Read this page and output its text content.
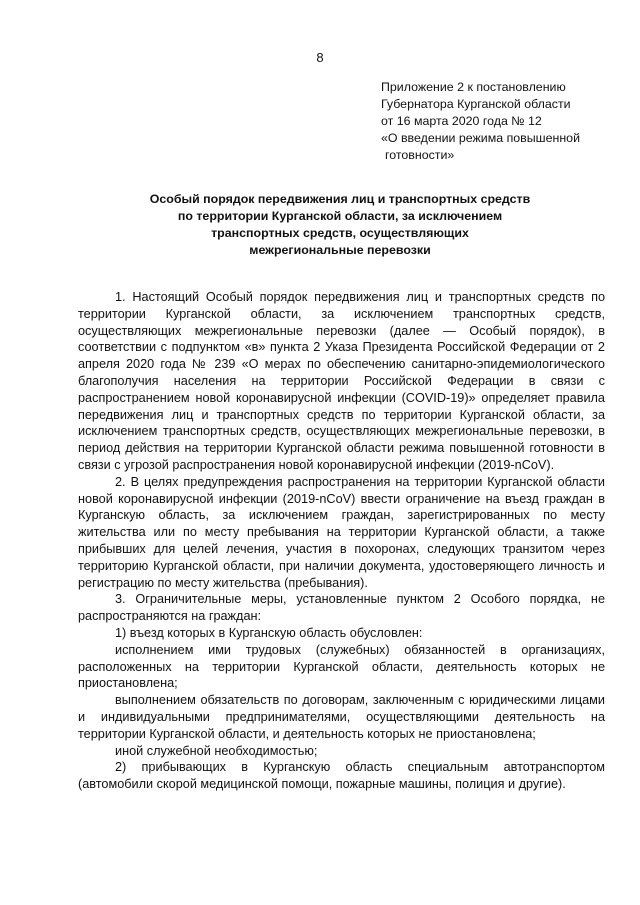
8
Приложение 2 к постановлению
Губернатора Курганской области
от 16 марта 2020 года № 12
«О введении режима повышенной
готовности»
Особый порядок передвижения лиц и транспортных средств
по территории Курганской области, за исключением
транспортных средств, осуществляющих
межрегиональные перевозки

1. Настоящий Особый порядок передвижения лиц и транспортных средств по территории Курганской области, за исключением транспортных средств, осуществляющих межрегиональные перевозки (далее — Особый порядок), в соответствии с подпунктом «в» пункта 2 Указа Президента Российской Федерации от 2 апреля 2020 года № 239 «О мерах по обеспечению санитарно-эпидемиологического благополучия населения на территории Российской Федерации в связи с распространением новой коронавирусной инфекции (COVID-19)» определяет правила передвижения лиц и транспортных средств по территории Курганской области, за исключением транспортных средств, осуществляющих межрегиональные перевозки, в период действия на территории Курганской области режима повышенной готовности в связи с угрозой распространения новой коронавирусной инфекции (2019-nCoV).

2. В целях предупреждения распространения на территории Курганской области новой коронавирусной инфекции (2019-nCoV) ввести ограничение на въезд граждан в Курганскую область, за исключением граждан, зарегистрированных по месту жительства или по месту пребывания на территории Курганской области, а также прибывших для целей лечения, участия в похоронах, следующих транзитом через территорию Курганской области, при наличии документа, удостоверяющего личность и регистрацию по месту жительства (пребывания).

3. Ограничительные меры, установленные пунктом 2 Особого порядка, не распространяются на граждан:

1) въезд которых в Курганскую область обусловлен:

исполнением ими трудовых (служебных) обязанностей в организациях, расположенных на территории Курганской области, деятельность которых не приостановлена;

выполнением обязательств по договорам, заключенным с юридическими лицами и индивидуальными предпринимателями, осуществляющими деятельность на территории Курганской области, и деятельность которых не приостановлена;

иной служебной необходимостью;

2) прибывающих в Курганскую область специальным автотранспортом (автомобили скорой медицинской помощи, пожарные машины, полиция и другие).
